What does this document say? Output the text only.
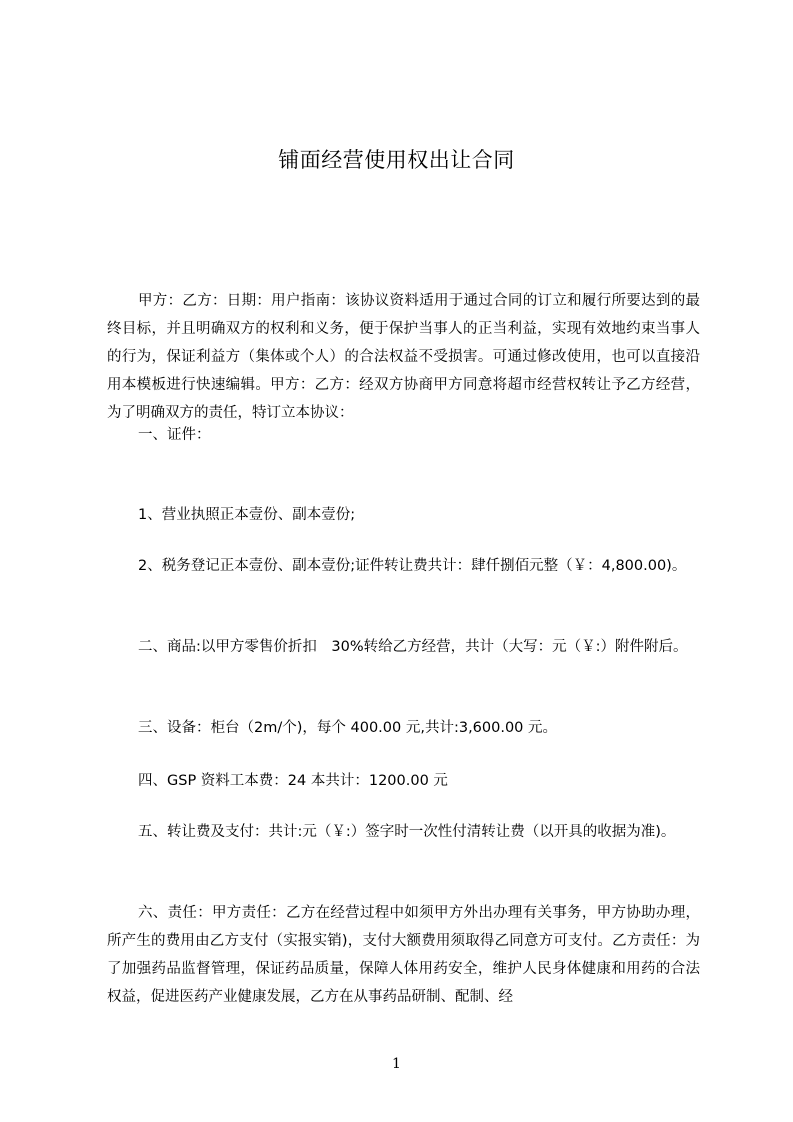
铺面经营使用权出让合同

甲方：乙方：日期：用户指南：该协议资料适用于通过合同的订立和履行所要达到的最终目标，并且明确双方的权利和义务，便于保护当事人的正当利益，实现有效地约束当事人的行为，保证利益方（集体或个人）的合法权益不受损害。可通过修改使用，也可以直接沿用本模板进行快速编辑。甲方：乙方：经双方协商甲方同意将超市经营权转让予乙方经营，为了明确双方的责任，特订立本协议：

一、证件：

1、营业执照正本壹份、副本壹份;

2、税务登记正本壹份、副本壹份;证件转让费共计：肆仟捌佰元整（￥：4,800.00)。

二、商品:以甲方零售价折扣　30%转给乙方经营，共计（大写：元（￥:）附件附后。

三、设备：柜台（2m/个)，每个 400.00 元,共计:3,600.00 元。

四、GSP 资料工本费：24 本共计：1200.00 元

五、转让费及支付：共计:元（￥:）签字时一次性付清转让费（以开具的收据为准)。

六、责任：甲方责任：乙方在经营过程中如须甲方外出办理有关事务，甲方协助办理，所产生的费用由乙方支付（实报实销)，支付大额费用须取得乙同意方可支付。乙方责任：为了加强药品监督管理，保证药品质量，保障人体用药安全，维护人民身体健康和用药的合法权益，促进医药产业健康发展，乙方在从事药品研制、配制、经

1
